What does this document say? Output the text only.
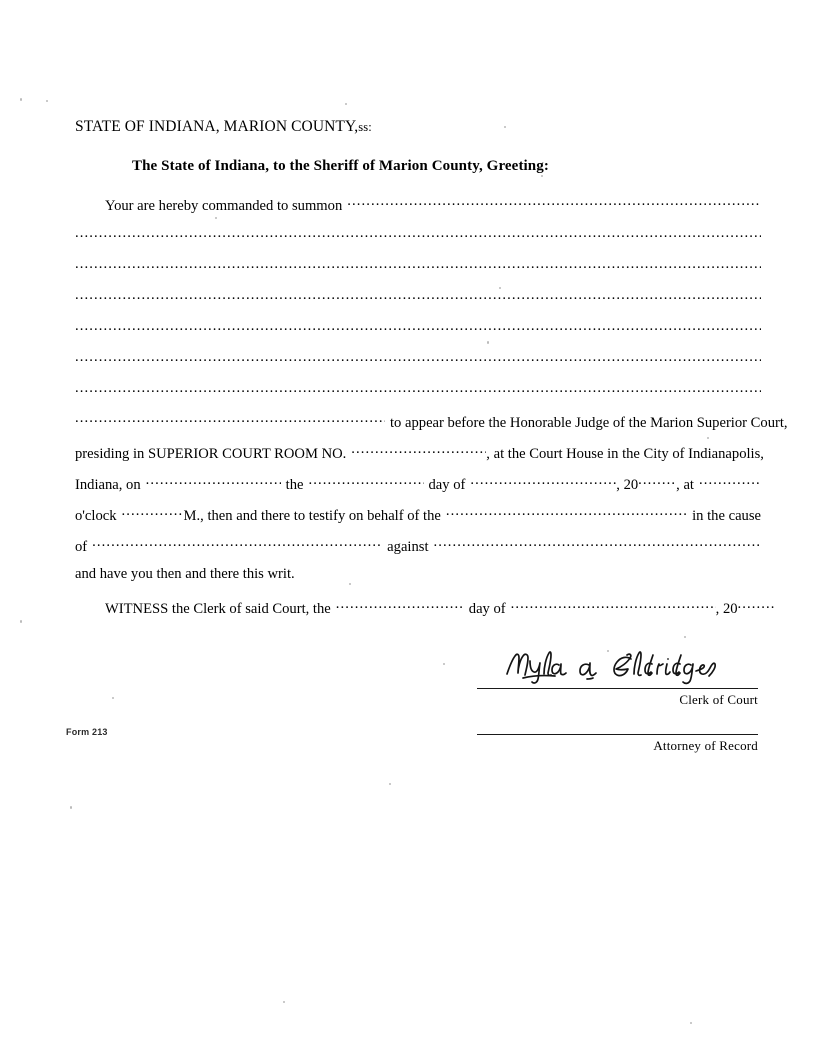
STATE OF INDIANA, MARION COUNTY,ss:

The State of Indiana, to the Sheriff of Marion County, Greeting:

Your are hereby commanded to summon
.....
.....
.....
.....
.....
.....
.....
.....
to appear before the Honorable Judge of the Marion Superior Court,
presiding in SUPERIOR COURT ROOM NO. .....	, at the Court House in the City of Indianapolis,
Indiana, on .....	the .....	day of .....	, 20 .....	, at
.....
o'clock .....	M., then and there to testify on behalf of the .....	in the cause
of .....	against
.....
and have you then and there this writ.
WITNESS the Clerk of said Court, the .....	day of .....	, 20
.....
Clerk of Court
Attorney of Record
Form 213
